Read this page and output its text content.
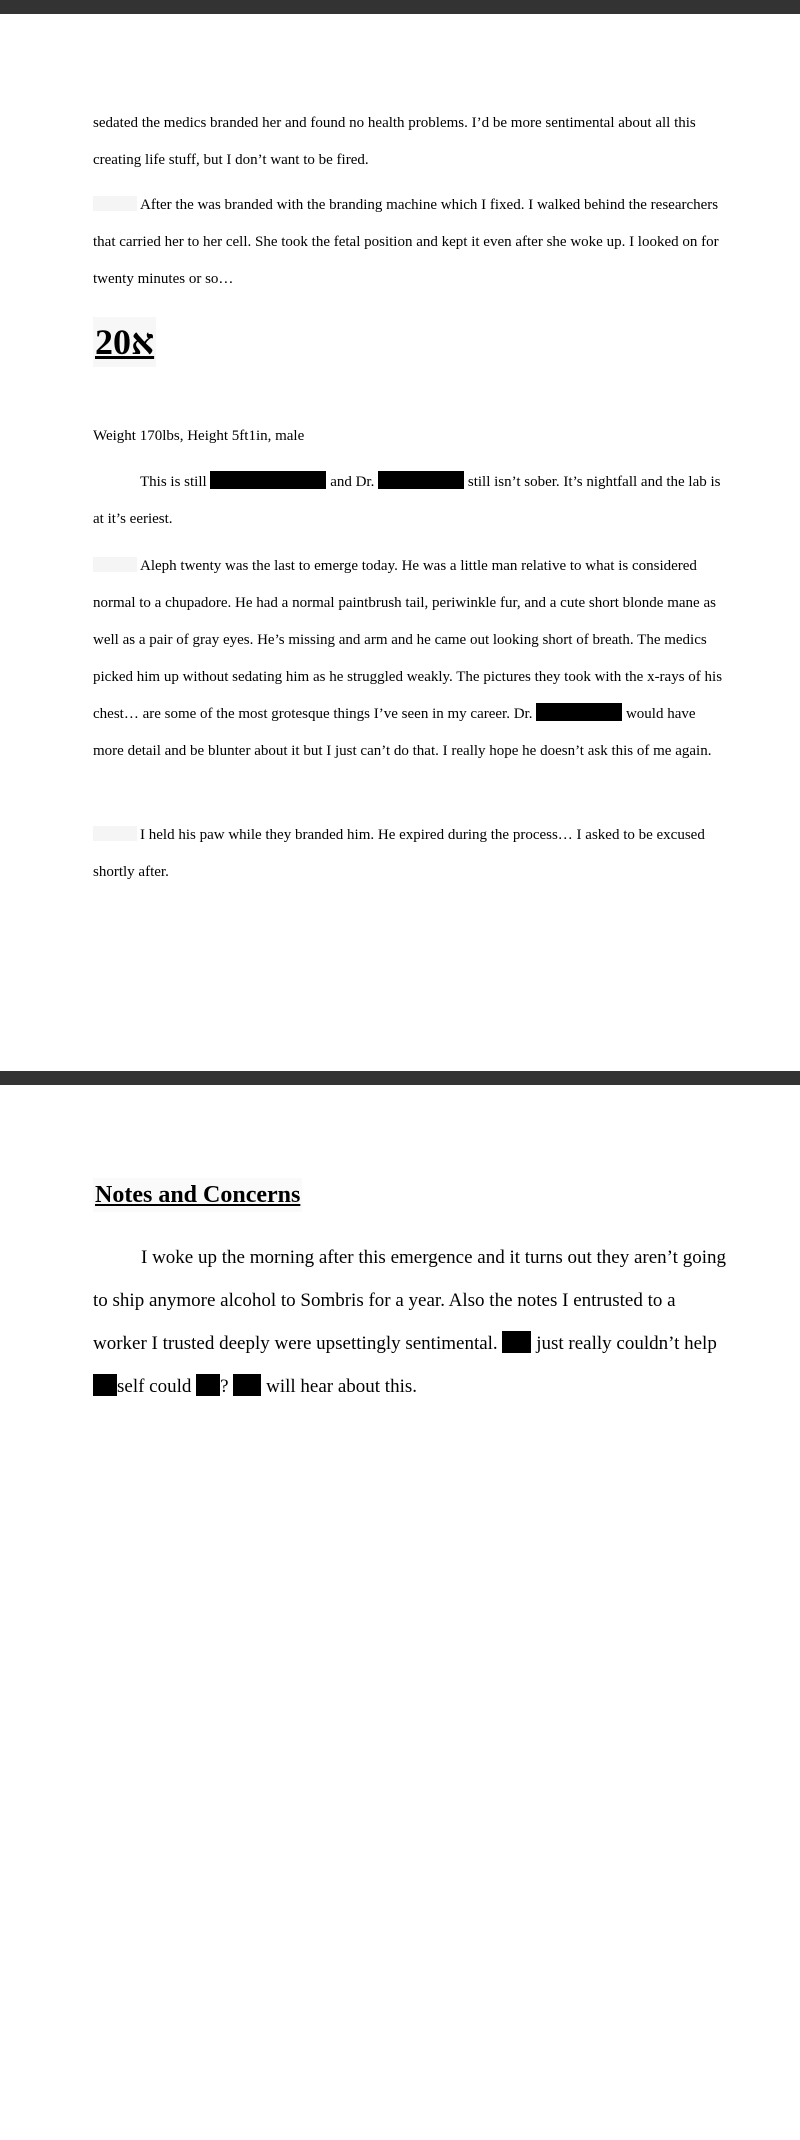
sedated the medics branded her and found no health problems. I’d be more sentimental about all this creating life stuff, but I don’t want to be fired.

After the was branded with the branding machine which I fixed. I walked behind the researchers that carried her to her cell. She took the fetal position and kept it even after she woke up. I looked on for twenty minutes or so…

א20

Weight 170lbs, Height 5ft1in, male

This is still	and Dr.	still isn’t sober. It’s nightfall and the lab is at it’s eeriest.

Aleph twenty was the last to emerge today. He was a little man relative to what is considered normal to a chupadore. He had a normal paintbrush tail, periwinkle fur, and a cute short blonde mane as well as a pair of gray eyes. He’s missing and arm and he came out looking short of breath. The medics picked him up without sedating him as he struggled weakly. The pictures they took with the x-rays of his chest… are some of the most grotesque things I’ve seen in my career. Dr.	would have more detail and be blunter about it but I just can’t do that. I really hope he doesn’t ask this of me again.

I held his paw while they branded him. He expired during the process… I asked to be excused shortly after.

Notes and Concerns

I woke up the morning after this emergence and it turns out they aren’t going to ship anymore alcohol to Sombris for a year. Also the notes I entrusted to a worker I trusted deeply were upsettingly sentimental. just really couldn’t help self could ? will hear about this.
